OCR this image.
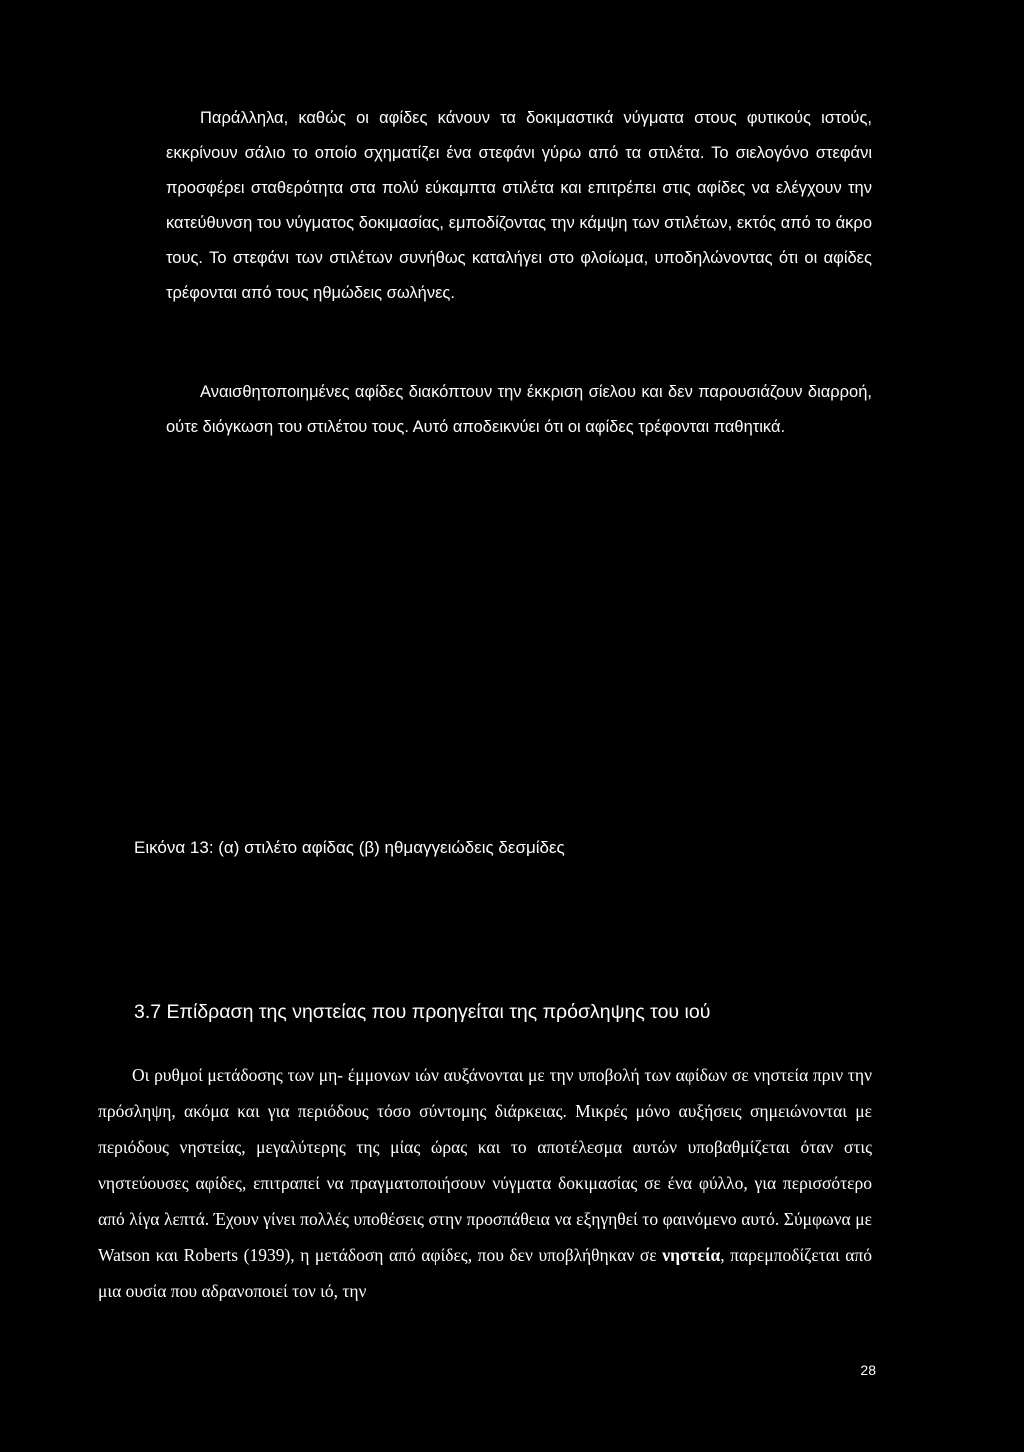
Παράλληλα, καθώς οι αφίδες κάνουν τα δοκιμαστικά νύγματα στους φυτικούς ιστούς, εκκρίνουν σάλιο το οποίο σχηματίζει ένα στεφάνι γύρω από τα στιλέτα. Το σιελογόνο στεφάνι προσφέρει σταθερότητα στα πολύ εύκαμπτα στιλέτα και επιτρέπει στις αφίδες να ελέγχουν την κατεύθυνση του νύγματος δοκιμασίας, εμποδίζοντας την κάμψη των στιλέτων, εκτός από το άκρο τους. Το στεφάνι των στιλέτων συνήθως καταλήγει στο φλοίωμα, υποδηλώνοντας ότι οι αφίδες τρέφονται από τους ηθμώδεις σωλήνες.

Αναισθητοποιημένες αφίδες διακόπτουν την έκκριση σίελου και δεν παρουσιάζουν διαρροή, ούτε διόγκωση του στιλέτου τους. Αυτό αποδεικνύει ότι οι αφίδες τρέφονται παθητικά.

Εικόνα 13: (α) στιλέτο αφίδας (β) ηθμαγγειώδεις δεσμίδες
3.7 Επίδραση της νηστείας που προηγείται της πρόσληψης του ιού

Οι ρυθμοί μετάδοσης των μη- έμμονων ιών αυξάνονται με την υποβολή των αφίδων σε νηστεία πριν την πρόσληψη, ακόμα και για περιόδους τόσο σύντομης διάρκειας. Μικρές μόνο αυξήσεις σημειώνονται με περιόδους νηστείας, μεγαλύτερης της μίας ώρας και το αποτέλεσμα αυτών υποβαθμίζεται όταν στις νηστεύουσες αφίδες, επιτραπεί να πραγματοποιήσουν νύγματα δοκιμασίας σε ένα φύλλο, για περισσότερο από λίγα λεπτά. Έχουν γίνει πολλές υποθέσεις στην προσπάθεια να εξηγηθεί το φαινόμενο αυτό. Σύμφωνα με Watson και Roberts (1939), η μετάδοση από αφίδες, που δεν υποβλήθηκαν σε νηστεία, παρεμποδίζεται από μια ουσία που αδρανοποιεί τον ιό, την

28
